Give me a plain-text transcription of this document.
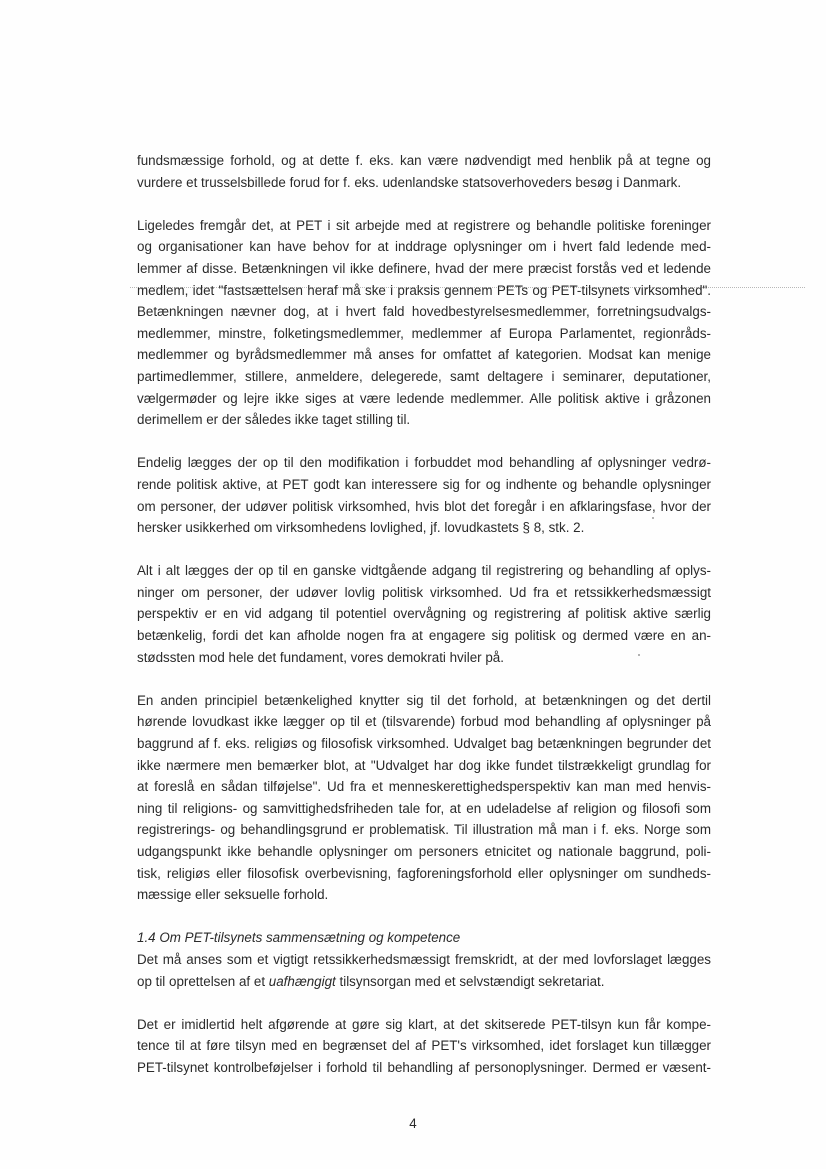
fundsmæssige forhold, og at dette f. eks. kan være nødvendigt med henblik på at tegne og
vurdere et trusselsbillede forud for f. eks. udenlandske statsoverhoveders besøg i Danmark.
Ligeledes fremgår det, at PET i sit arbejde med at registrere og behandle politiske foreninger
og organisationer kan have behov for at inddrage oplysninger om i hvert fald ledende med-
lemmer af disse. Betænkningen vil ikke definere, hvad der mere præcist forstås ved et ledende
medlem, idet "fastsættelsen heraf må ske i praksis gennem PETs og PET-tilsynets virksomhed".
Betænkningen nævner dog, at i hvert fald hovedbestyrelsesmedlemmer, forretningsudvalgs-
medlemmer, minstre, folketingsmedlemmer, medlemmer af Europa Parlamentet, regionråds-
medlemmer og byrådsmedlemmer må anses for omfattet af kategorien. Modsat kan menige
partimedlemmer, stillere, anmeldere, delegerede, samt deltagere i seminarer, deputationer,
vælgermøder og lejre ikke siges at være ledende medlemmer. Alle politisk aktive i gråzonen
derimellem er der således ikke taget stilling til.
Endelig lægges der op til den modifikation i forbuddet mod behandling af oplysninger vedrø-
rende politisk aktive, at PET godt kan interessere sig for og indhente og behandle oplysninger
om personer, der udøver politisk virksomhed, hvis blot det foregår i en afklaringsfase, hvor der
hersker usikkerhed om virksomhedens lovlighed, jf. lovudkastets § 8, stk. 2.
Alt i alt lægges der op til en ganske vidtgående adgang til registrering og behandling af oplys-
ninger om personer, der udøver lovlig politisk virksomhed. Ud fra et retssikkerhedsmæssigt
perspektiv er en vid adgang til potentiel overvågning og registrering af politisk aktive særlig
betænkelig, fordi det kan afholde nogen fra at engagere sig politisk og dermed være en an-
stødssten mod hele det fundament, vores demokrati hviler på.
En anden principiel betænkelighed knytter sig til det forhold, at betænkningen og det dertil
hørende lovudkast ikke lægger op til et (tilsvarende) forbud mod behandling af oplysninger på
baggrund af f. eks. religiøs og filosofisk virksomhed. Udvalget bag betænkningen begrunder det
ikke nærmere men bemærker blot, at "Udvalget har dog ikke fundet tilstrækkeligt grundlag for
at foreslå en sådan tilføjelse". Ud fra et menneskerettighedsperspektiv kan man med henvis-
ning til religions- og samvittighedsfriheden tale for, at en udeladelse af religion og filosofi som
registrerings- og behandlingsgrund er problematisk. Til illustration må man i f. eks. Norge som
udgangspunkt ikke behandle oplysninger om personers etnicitet og nationale baggrund, poli-
tisk, religiøs eller filosofisk overbevisning, fagforeningsforhold eller oplysninger om sundheds-
mæssige eller seksuelle forhold.
1.4 Om PET-tilsynets sammensætning og kompetence
Det må anses som et vigtigt retssikkerhedsmæssigt fremskridt, at der med lovforslaget lægges
op til oprettelsen af et uafhængigt tilsynsorgan med et selvstændigt sekretariat.
Det er imidlertid helt afgørende at gøre sig klart, at det skitserede PET-tilsyn kun får kompe-
tence til at føre tilsyn med en begrænset del af PET's virksomhed, idet forslaget kun tillægger
PET-tilsynet kontrolbeføjelser i forhold til behandling af personoplysninger. Dermed er væsent-
4
